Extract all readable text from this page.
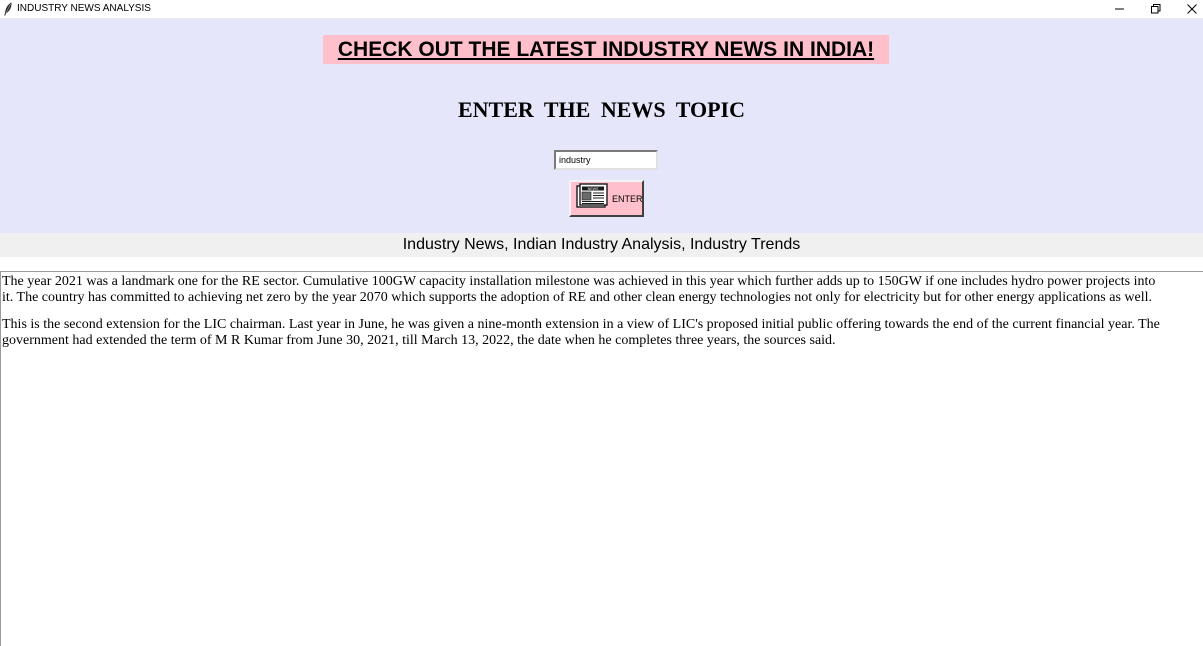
INDUSTRY NEWS ANALYSIS
CHECK OUT THE LATEST INDUSTRY NEWS IN INDIA!
ENTER THE NEWS TOPIC
industry
NEWS
ENTER
Industry News, Indian Industry Analysis, Industry Trends

The year 2021 was a landmark one for the RE sector. Cumulative 100GW capacity installation milestone was achieved in this year which further adds up to 150GW if one includes hydro power projects into
it. The country has committed to achieving net zero by the year 2070 which supports the adoption of RE and other clean energy technologies not only for electricity but for other energy applications as well.

This is the second extension for the LIC chairman. Last year in June, he was given a nine-month extension in a view of LIC's proposed initial public offering towards the end of the current financial year. The
government had extended the term of M R Kumar from June 30, 2021, till March 13, 2022, the date when he completes three years, the sources said.
